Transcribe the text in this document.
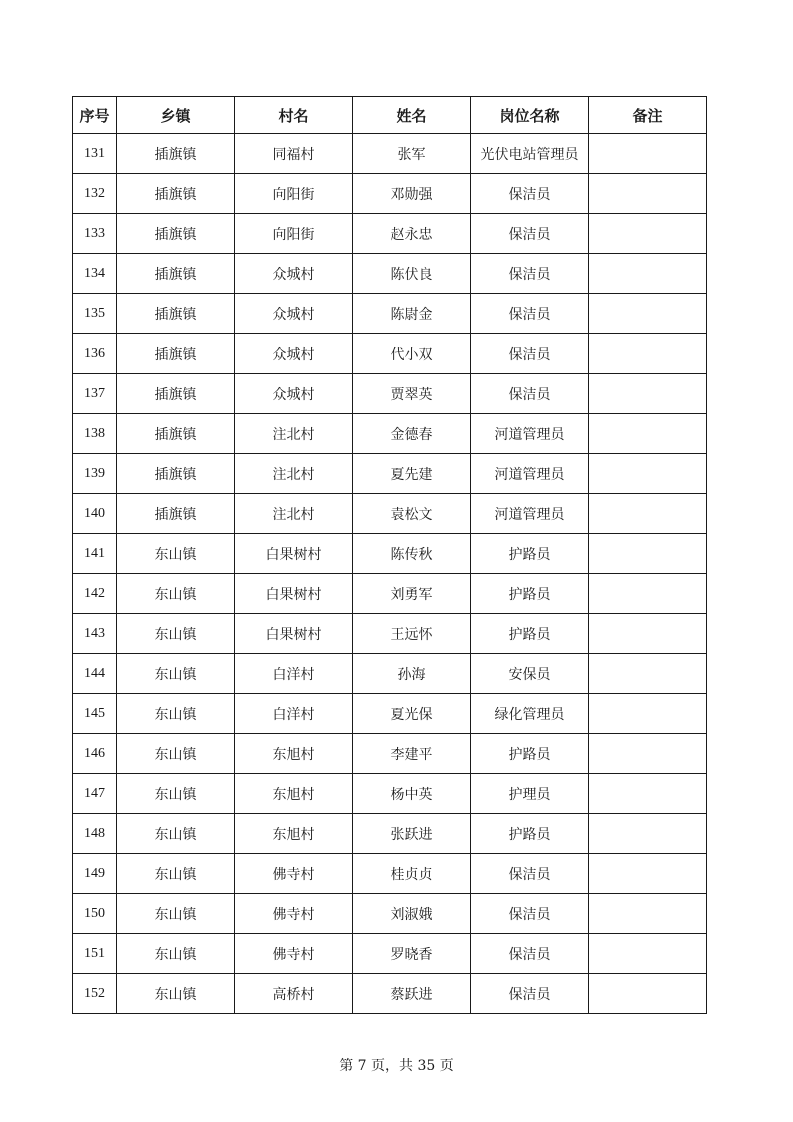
序号	乡镇	村名	姓名	岗位名称	备注
131	插旗镇	同福村	张军	光伏电站管理员	
132	插旗镇	向阳街	邓勋强	保洁员	
133	插旗镇	向阳街	赵永忠	保洁员	
134	插旗镇	众城村	陈伏良	保洁员	
135	插旗镇	众城村	陈尉金	保洁员	
136	插旗镇	众城村	代小双	保洁员	
137	插旗镇	众城村	贾翠英	保洁员	
138	插旗镇	注北村	金德春	河道管理员	
139	插旗镇	注北村	夏先建	河道管理员	
140	插旗镇	注北村	袁松文	河道管理员	
141	东山镇	白果树村	陈传秋	护路员	
142	东山镇	白果树村	刘勇军	护路员	
143	东山镇	白果树村	王远怀	护路员	
144	东山镇	白洋村	孙海	安保员	
145	东山镇	白洋村	夏光保	绿化管理员	
146	东山镇	东旭村	李建平	护路员	
147	东山镇	东旭村	杨中英	护理员	
148	东山镇	东旭村	张跃进	护路员	
149	东山镇	佛寺村	桂贞贞	保洁员	
150	东山镇	佛寺村	刘淑娥	保洁员	
151	东山镇	佛寺村	罗晓香	保洁员	
152	东山镇	高桥村	蔡跃进	保洁员	
第 7 页，共 35 页
